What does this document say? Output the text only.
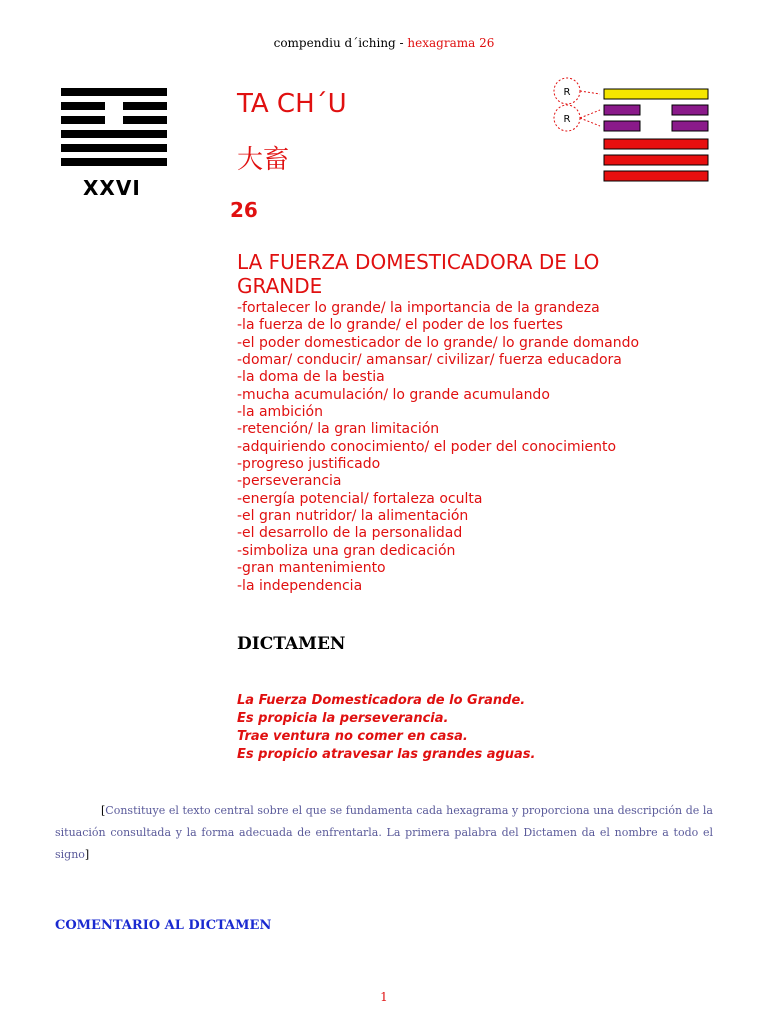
compendiu d´iching - hexagrama 26
XXVI
TA CH´U
大畜
26
LA FUERZA DOMESTICADORA DE LO GRANDE
-fortalecer lo grande/ la importancia de la grandeza
-la fuerza de lo grande/ el poder de los fuertes
-el poder domesticador de lo grande/ lo grande domando
-domar/ conducir/ amansar/ civilizar/ fuerza educadora
-la doma de la bestia
-mucha acumulación/ lo grande acumulando
-la ambición
-retención/ la gran limitación
-adquiriendo conocimiento/ el poder del conocimiento
-progreso justificado
-perseverancia
-energía potencial/ fortaleza oculta
-el gran nutridor/ la alimentación
-el desarrollo de la personalidad
-simboliza una gran dedicación
-gran mantenimiento
-la independencia
DICTAMEN
La Fuerza Domesticadora de lo Grande.
Es propicia la perseverancia.
Trae ventura no comer en casa.
Es propicio atravesar las grandes aguas.
[Constituye el texto central sobre el que se fundamenta cada hexagrama y proporciona una descripción de la situación consultada y la forma adecuada de enfrentarla. La primera palabra del Dictamen da el nombre a todo el signo]
COMENTARIO AL DICTAMEN
1
R
R
